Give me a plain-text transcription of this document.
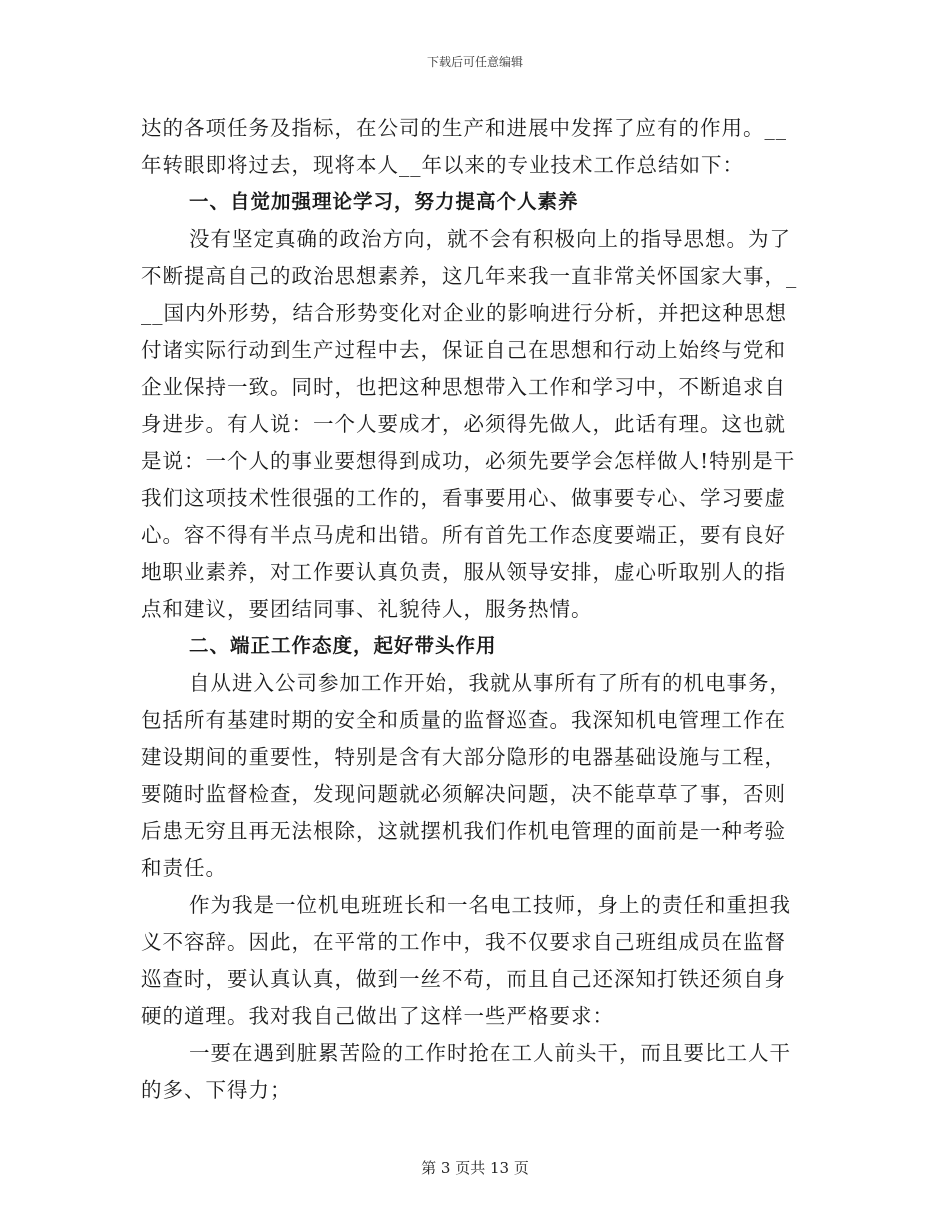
下载后可任意编辑
达的各项任务及指标，在公司的生产和进展中发挥了应有的作用。__
年转眼即将过去，现将本人__年以来的专业技术工作总结如下：
一、自觉加强理论学习，努力提高个人素养
没有坚定真确的政治方向，就不会有积极向上的指导思想。为了
不断提高自己的政治思想素养，这几年来我一直非常关怀国家大事，_
__国内外形势，结合形势变化对企业的影响进行分析，并把这种思想
付诸实际行动到生产过程中去，保证自己在思想和行动上始终与党和
企业保持一致。同时，也把这种思想带入工作和学习中，不断追求自
身进步。有人说：一个人要成才，必须得先做人，此话有理。这也就
是说：一个人的事业要想得到成功，必须先要学会怎样做人!特别是干
我们这项技术性很强的工作的，看事要用心、做事要专心、学习要虚
心。容不得有半点马虎和出错。所有首先工作态度要端正，要有良好
地职业素养，对工作要认真负责，服从领导安排，虚心听取别人的指
点和建议，要团结同事、礼貌待人，服务热情。
二、端正工作态度，起好带头作用
自从进入公司参加工作开始，我就从事所有了所有的机电事务，
包括所有基建时期的安全和质量的监督巡查。我深知机电管理工作在
建设期间的重要性，特别是含有大部分隐形的电器基础设施与工程，
要随时监督检查，发现问题就必须解决问题，决不能草草了事，否则
后患无穷且再无法根除，这就摆机我们作机电管理的面前是一种考验
和责任。
作为我是一位机电班班长和一名电工技师，身上的责任和重担我
义不容辞。因此，在平常的工作中，我不仅要求自己班组成员在监督
巡查时，要认真认真，做到一丝不苟，而且自己还深知打铁还须自身
硬的道理。我对我自己做出了这样一些严格要求：
一要在遇到脏累苦险的工作时抢在工人前头干，而且要比工人干
的多、下得力；
第 3 页共 13 页
